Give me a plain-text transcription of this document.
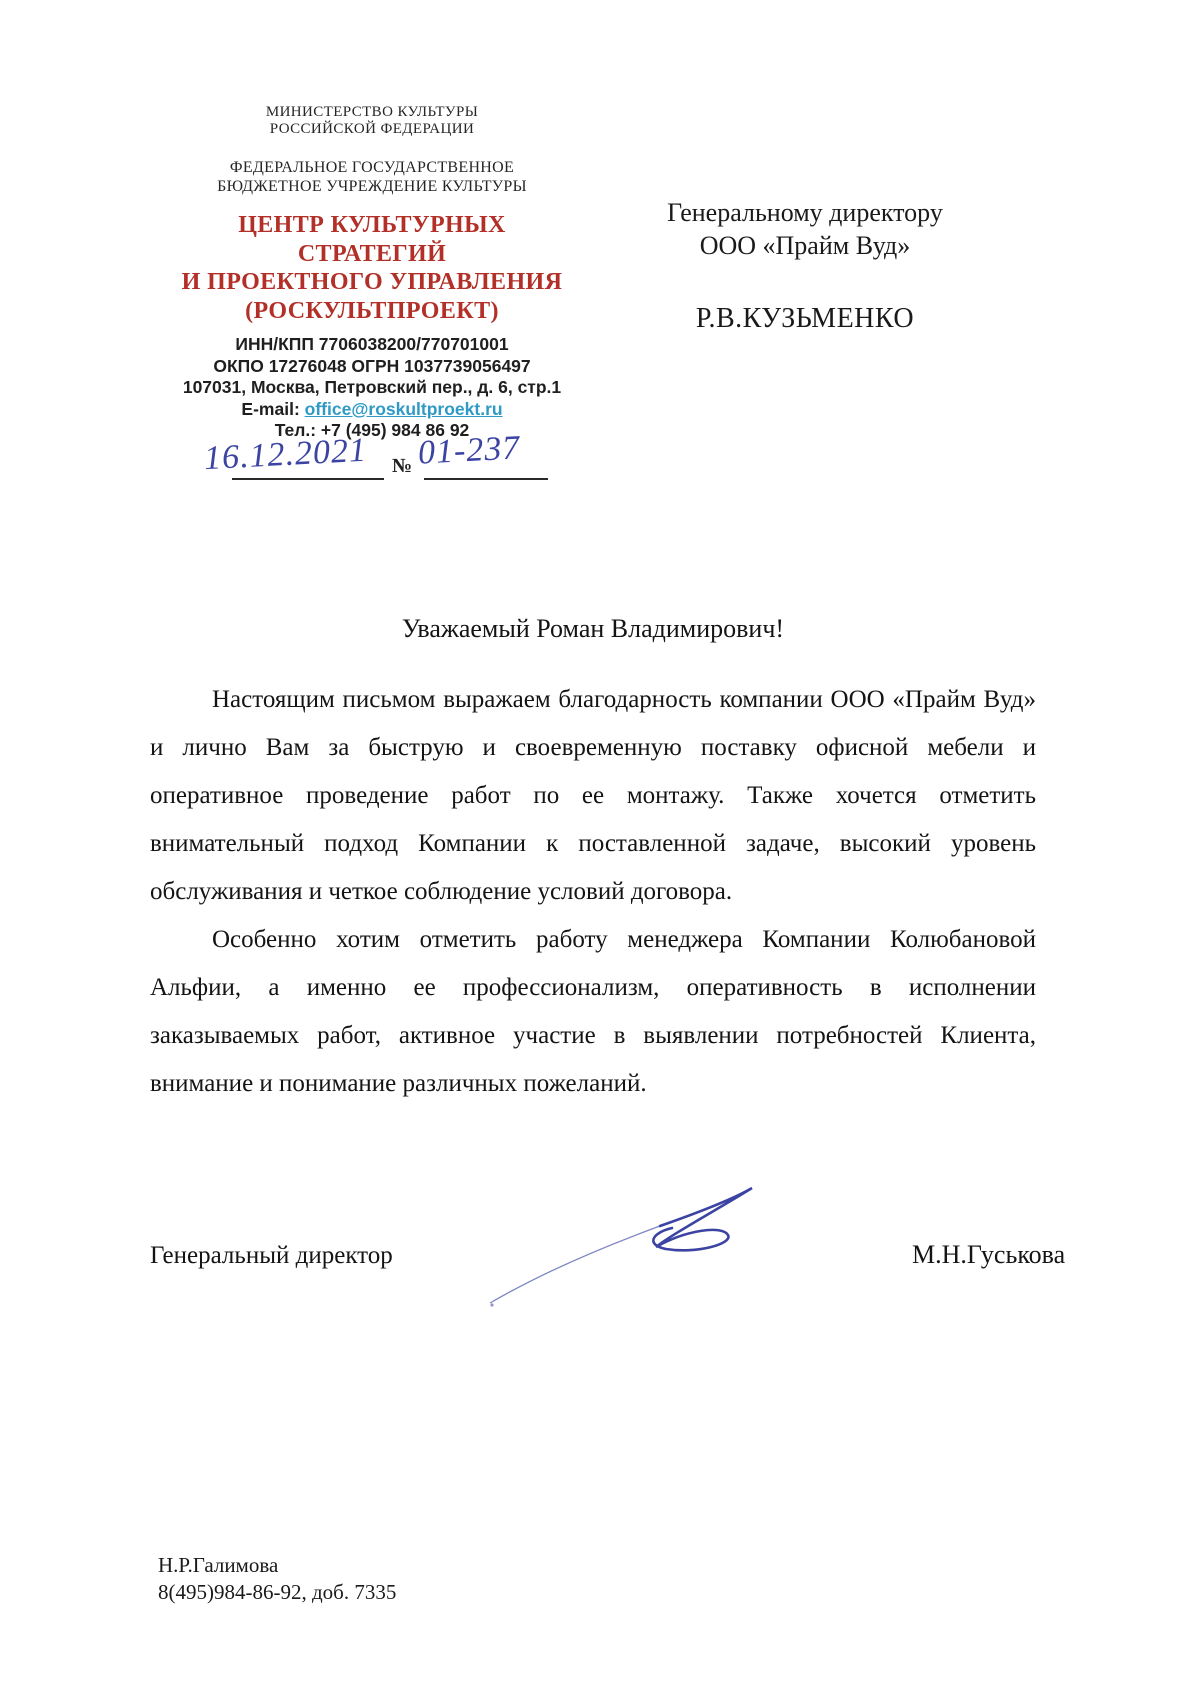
МИНИСТЕРСТВО КУЛЬТУРЫ
РОССИЙСКОЙ ФЕДЕРАЦИИ
ФЕДЕРАЛЬНОЕ ГОСУДАРСТВЕННОЕ
БЮДЖЕТНОЕ УЧРЕЖДЕНИЕ КУЛЬТУРЫ
ЦЕНТР КУЛЬТУРНЫХ
СТРАТЕГИЙ
И ПРОЕКТНОГО УПРАВЛЕНИЯ
(РОСКУЛЬТПРОЕКТ)
ИНН/КПП 7706038200/770701001
ОКПО 17276048 ОГРН 1037739056497
107031, Москва, Петровский пер., д. 6, стр.1
E-mail: office@roskultproekt.ru
Тел.: +7 (495) 984 86 92
16.12.2021 № 01-237
Генеральному директору
ООО «Прайм Вуд»
Р.В.КУЗЬМЕНКО
Уважаемый Роман Владимирович!

Настоящим письмом выражаем благодарность компании ООО «Прайм Вуд» и лично Вам за быструю и своевременную поставку офисной мебели и оперативное проведение работ по ее монтажу. Также хочется отметить внимательный подход Компании к поставленной задаче, высокий уровень обслуживания и четкое соблюдение условий договора.

Особенно хотим отметить работу менеджера Компании Колюбановой Альфии, а именно ее профессионализм, оперативность в исполнении заказываемых работ, активное участие в выявлении потребностей Клиента, внимание и понимание различных пожеланий.

Генеральный директор	М.Н.Гуськова
Н.Р.Галимова
8(495)984-86-92, доб. 7335
